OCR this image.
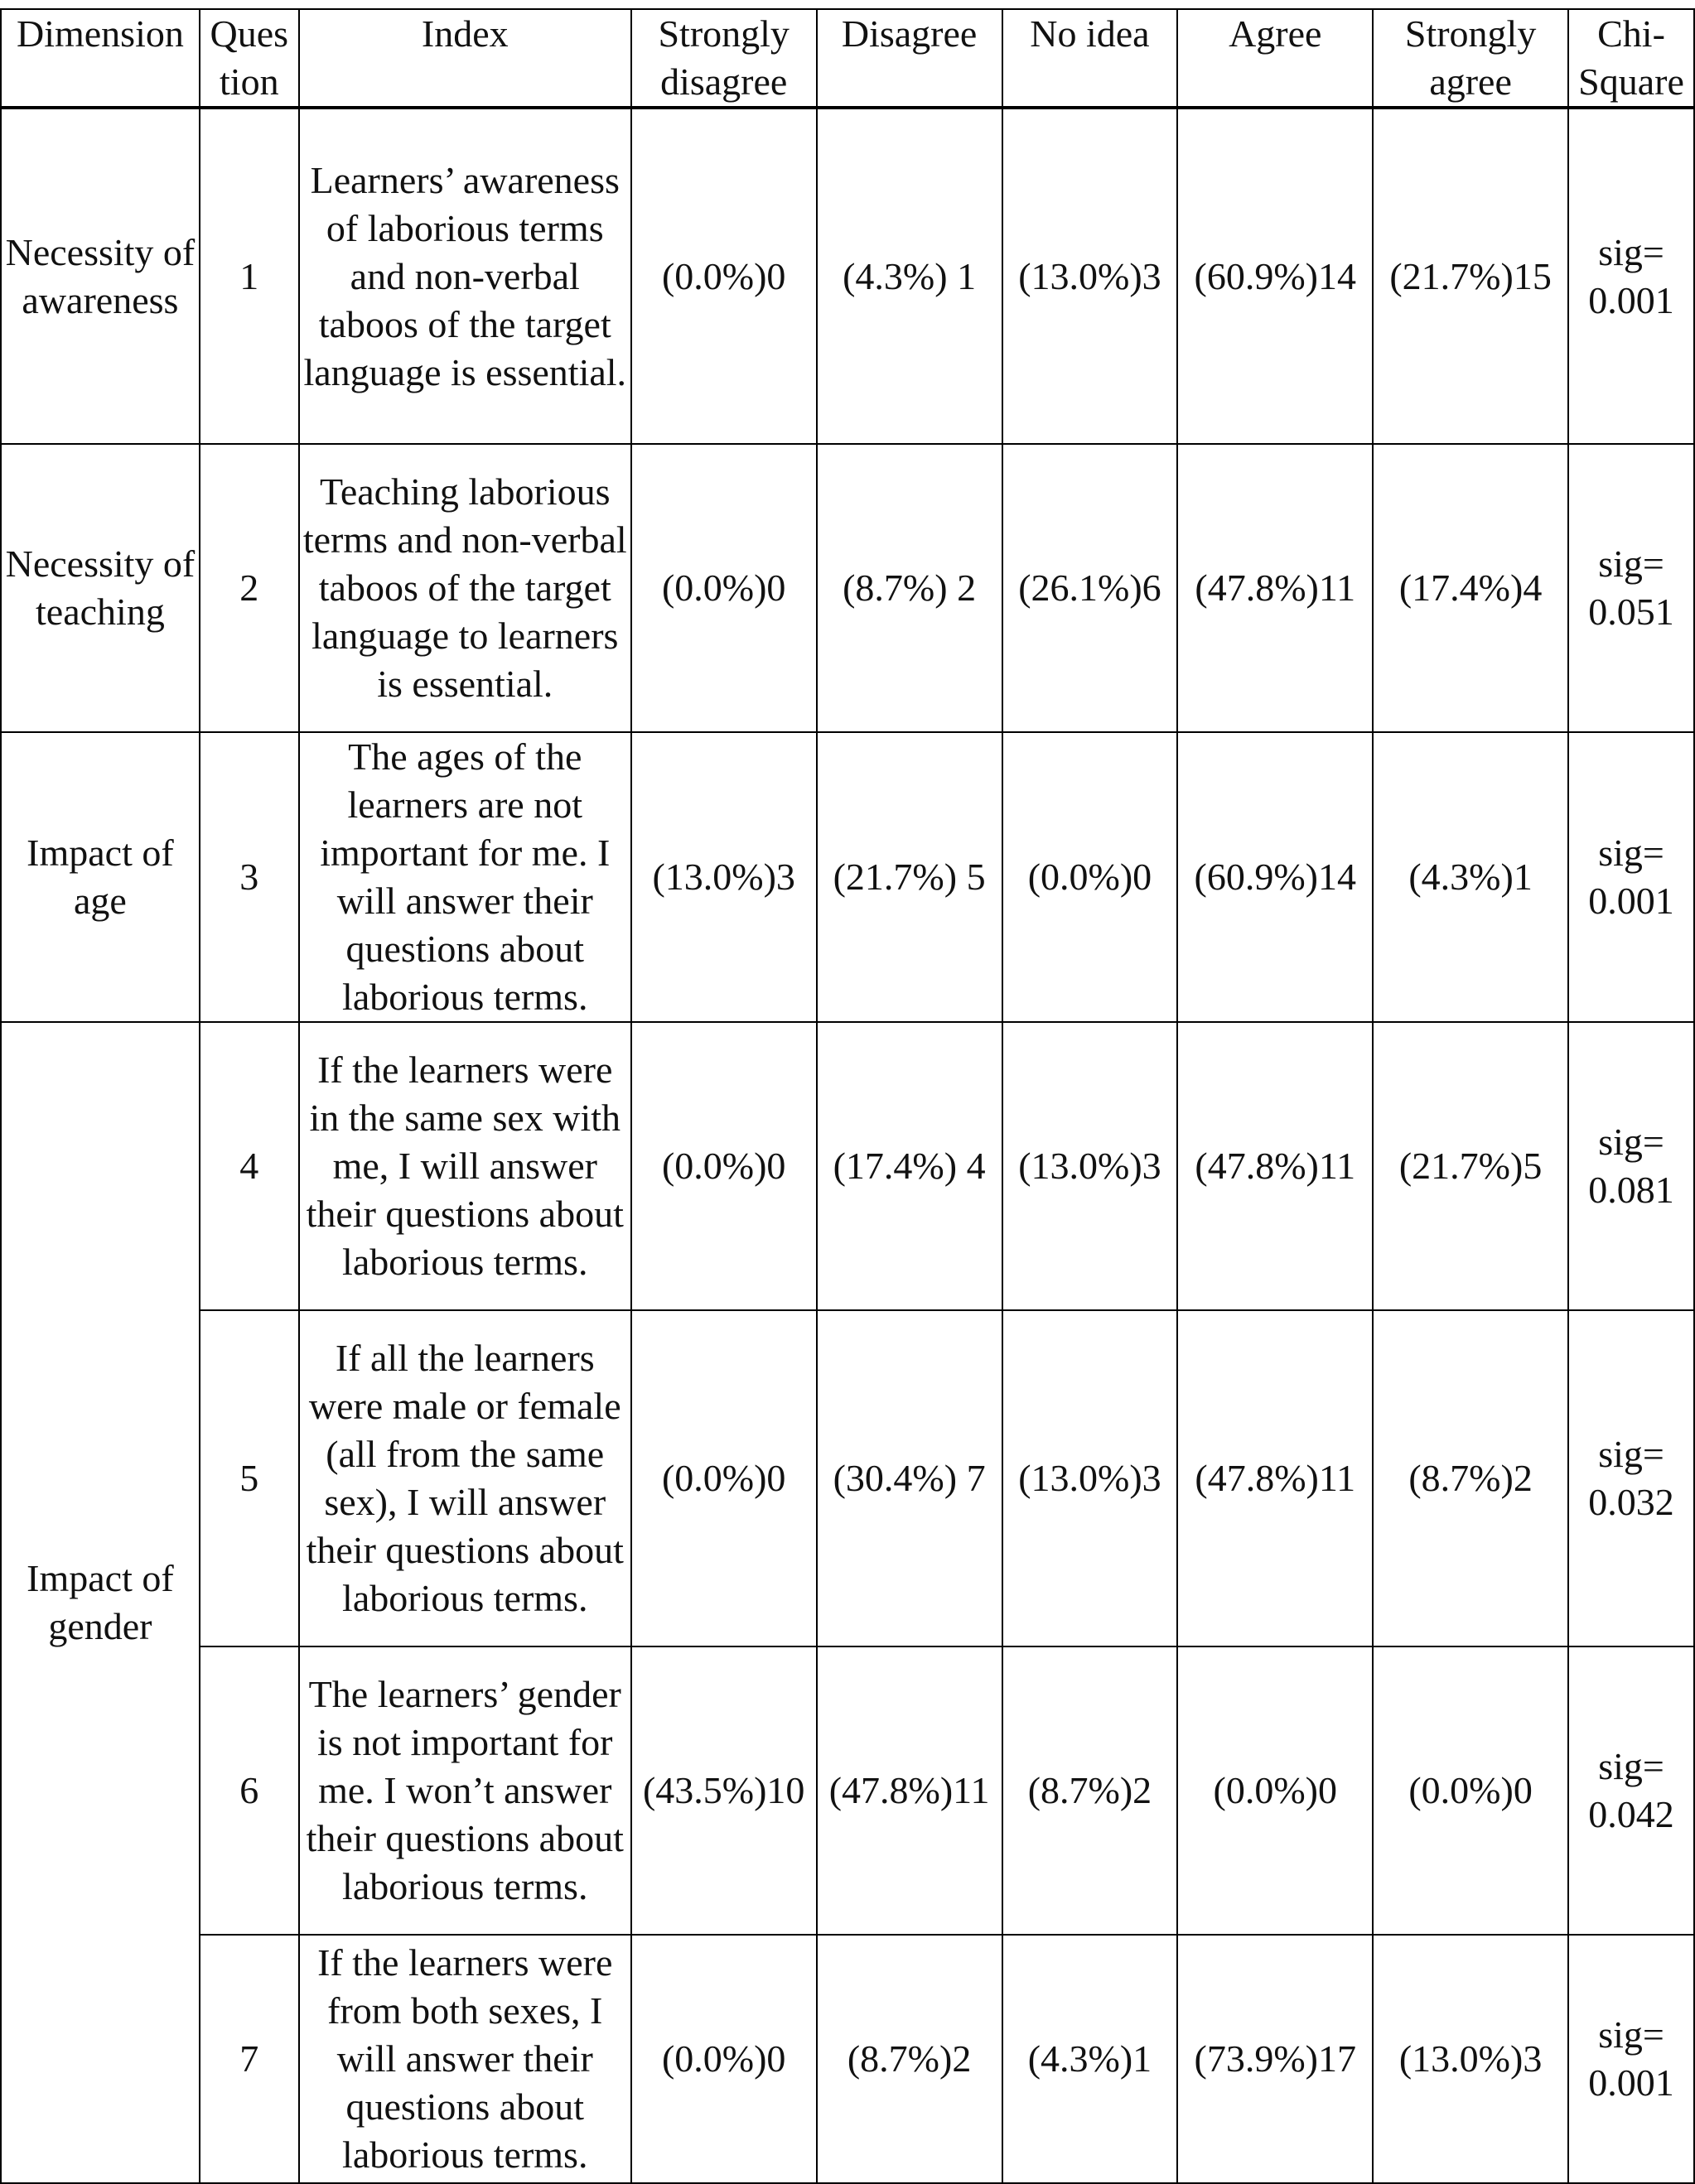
Dimension	Ques tion	Index	Strongly disagree	Disagree	No idea	Agree	Strongly agree	Chi-Square
Necessity of awareness	1	Learners’ awareness of laborious terms and non-verbal taboos of the target language is essential.	(0.0%)0	(4.3%) 1	(13.0%)3	(60.9%)14	(21.7%)15	sig= 0.001
Necessity of teaching	2	Teaching laborious terms and non-verbal taboos of the target language to learners is essential.	(0.0%)0	(8.7%) 2	(26.1%)6	(47.8%)11	(17.4%)4	sig= 0.051
Impact of age	3	The ages of the learners are not important for me. I will answer their questions about laborious terms.	(13.0%)3	(21.7%) 5	(0.0%)0	(60.9%)14	(4.3%)1	sig= 0.001
Impact of gender	4	If the learners were in the same sex with me, I will answer their questions about laborious terms.	(0.0%)0	(17.4%) 4	(13.0%)3	(47.8%)11	(21.7%)5	sig= 0.081
	5	If all the learners were male or female (all from the same sex), I will answer their questions about laborious terms.	(0.0%)0	(30.4%) 7	(13.0%)3	(47.8%)11	(8.7%)2	sig= 0.032
	6	The learners’ gender is not important for me. I won’t answer their questions about laborious terms.	(43.5%)10	(47.8%)11	(8.7%)2	(0.0%)0	(0.0%)0	sig= 0.042
	7	If the learners were from both sexes, I will answer their questions about laborious terms.	(0.0%)0	(8.7%)2	(4.3%)1	(73.9%)17	(13.0%)3	sig= 0.001
